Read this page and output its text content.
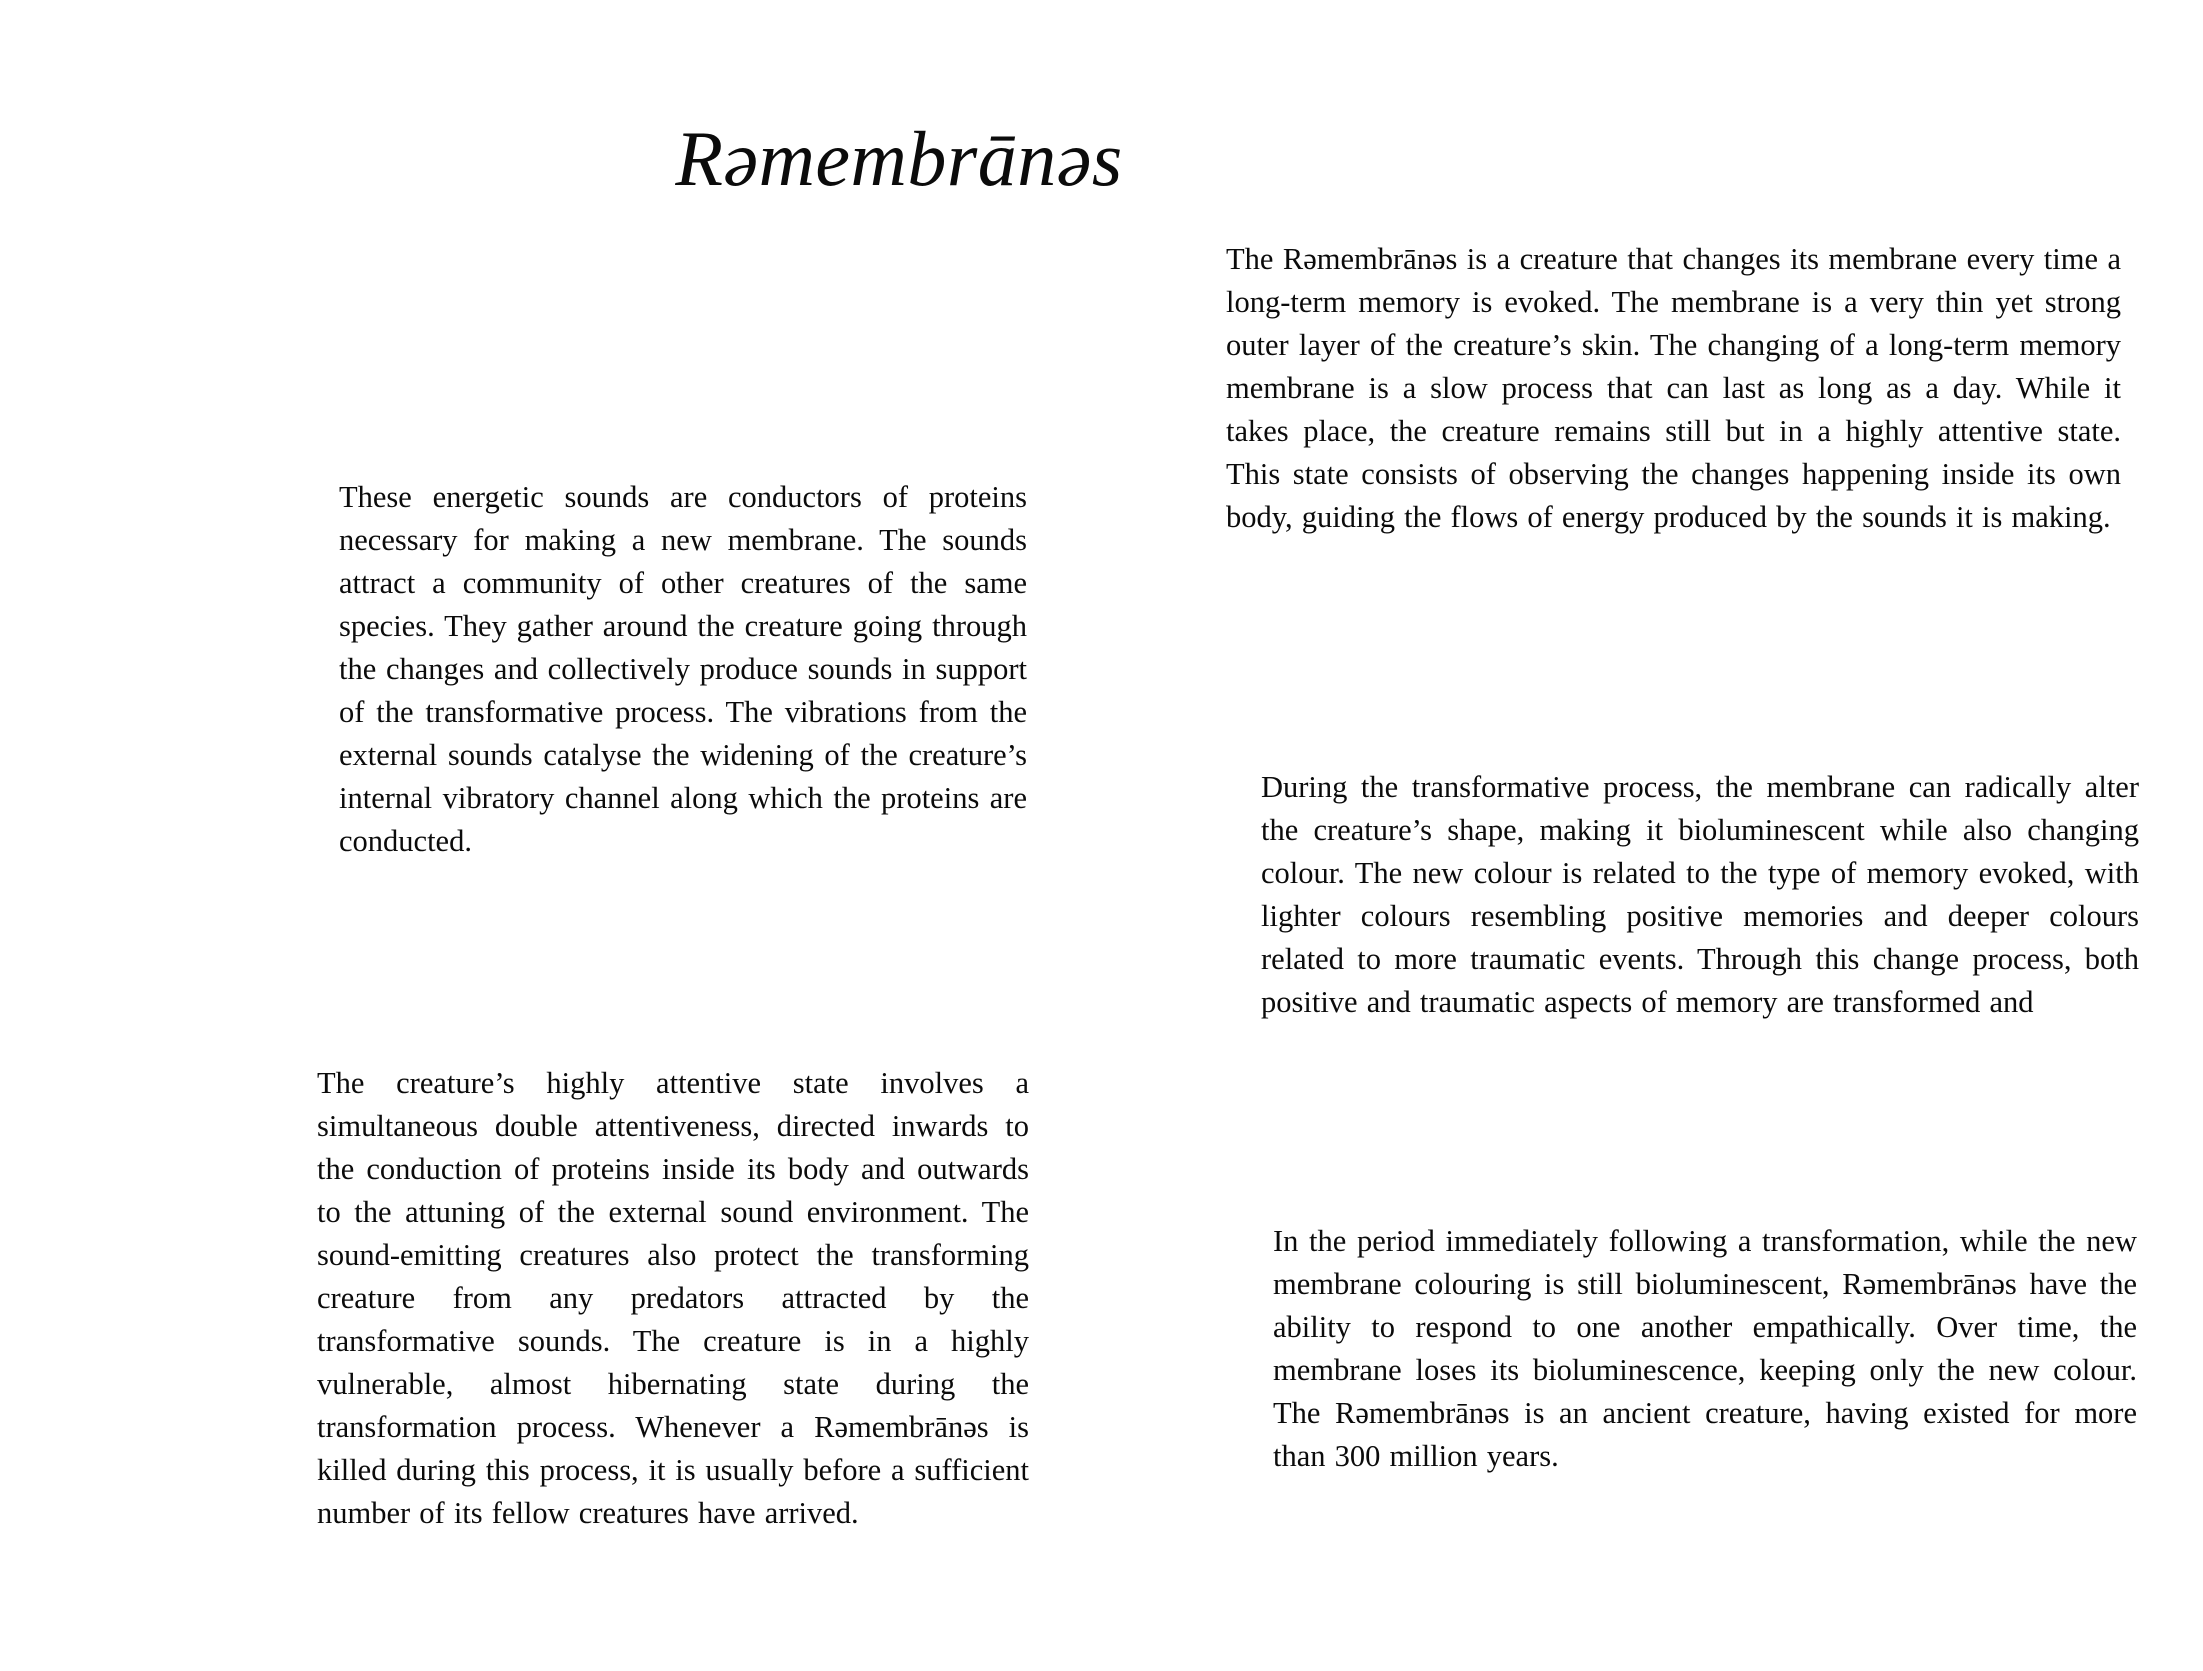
Rəmembrānəs

These energetic sounds are conductors of proteins necessary for making a new membrane. The sounds attract a community of other creatures of the same species. They gather around the creature going through the changes and collectively produce sounds in support of the transformative process. The vibrations from the external sounds catalyse the widening of the creature’s internal vibratory channel along which the proteins are conducted.

The creature’s highly attentive state involves a simultaneous double attentiveness, directed inwards to the conduction of proteins inside its body and outwards to the attuning of the external sound environment. The sound-emitting creatures also protect the transforming creature from any predators attracted by the transformative sounds. The creature is in a highly vulnerable, almost hibernating state during the transformation process. Whenever a Rəmembrānəs is killed during this process, it is usually before a sufficient number of its fellow creatures have arrived.

The Rəmembrānəs is a creature that changes its membrane every time a long-term memory is evoked. The membrane is a very thin yet strong outer layer of the creature’s skin. The changing of a long-term memory membrane is a slow process that can last as long as a day. While it takes place, the creature remains still but in a highly attentive state. This state consists of observing the changes happening inside its own body, guiding the flows of energy produced by the sounds it is making.

During the transformative process, the membrane can radically alter the creature’s shape, making it bioluminescent while also changing colour. The new colour is related to the type of memory evoked, with lighter colours resembling positive memories and deeper colours related to more traumatic events. Through this change process, both positive and traumatic aspects of memory are transformed and

In the period immediately following a transformation, while the new membrane colouring is still bioluminescent, Rəmembrānəs have the ability to respond to one another empathically. Over time, the membrane loses its bioluminescence, keeping only the new colour. The Rəmembrānəs is an ancient creature, having existed for more than 300 million years.
